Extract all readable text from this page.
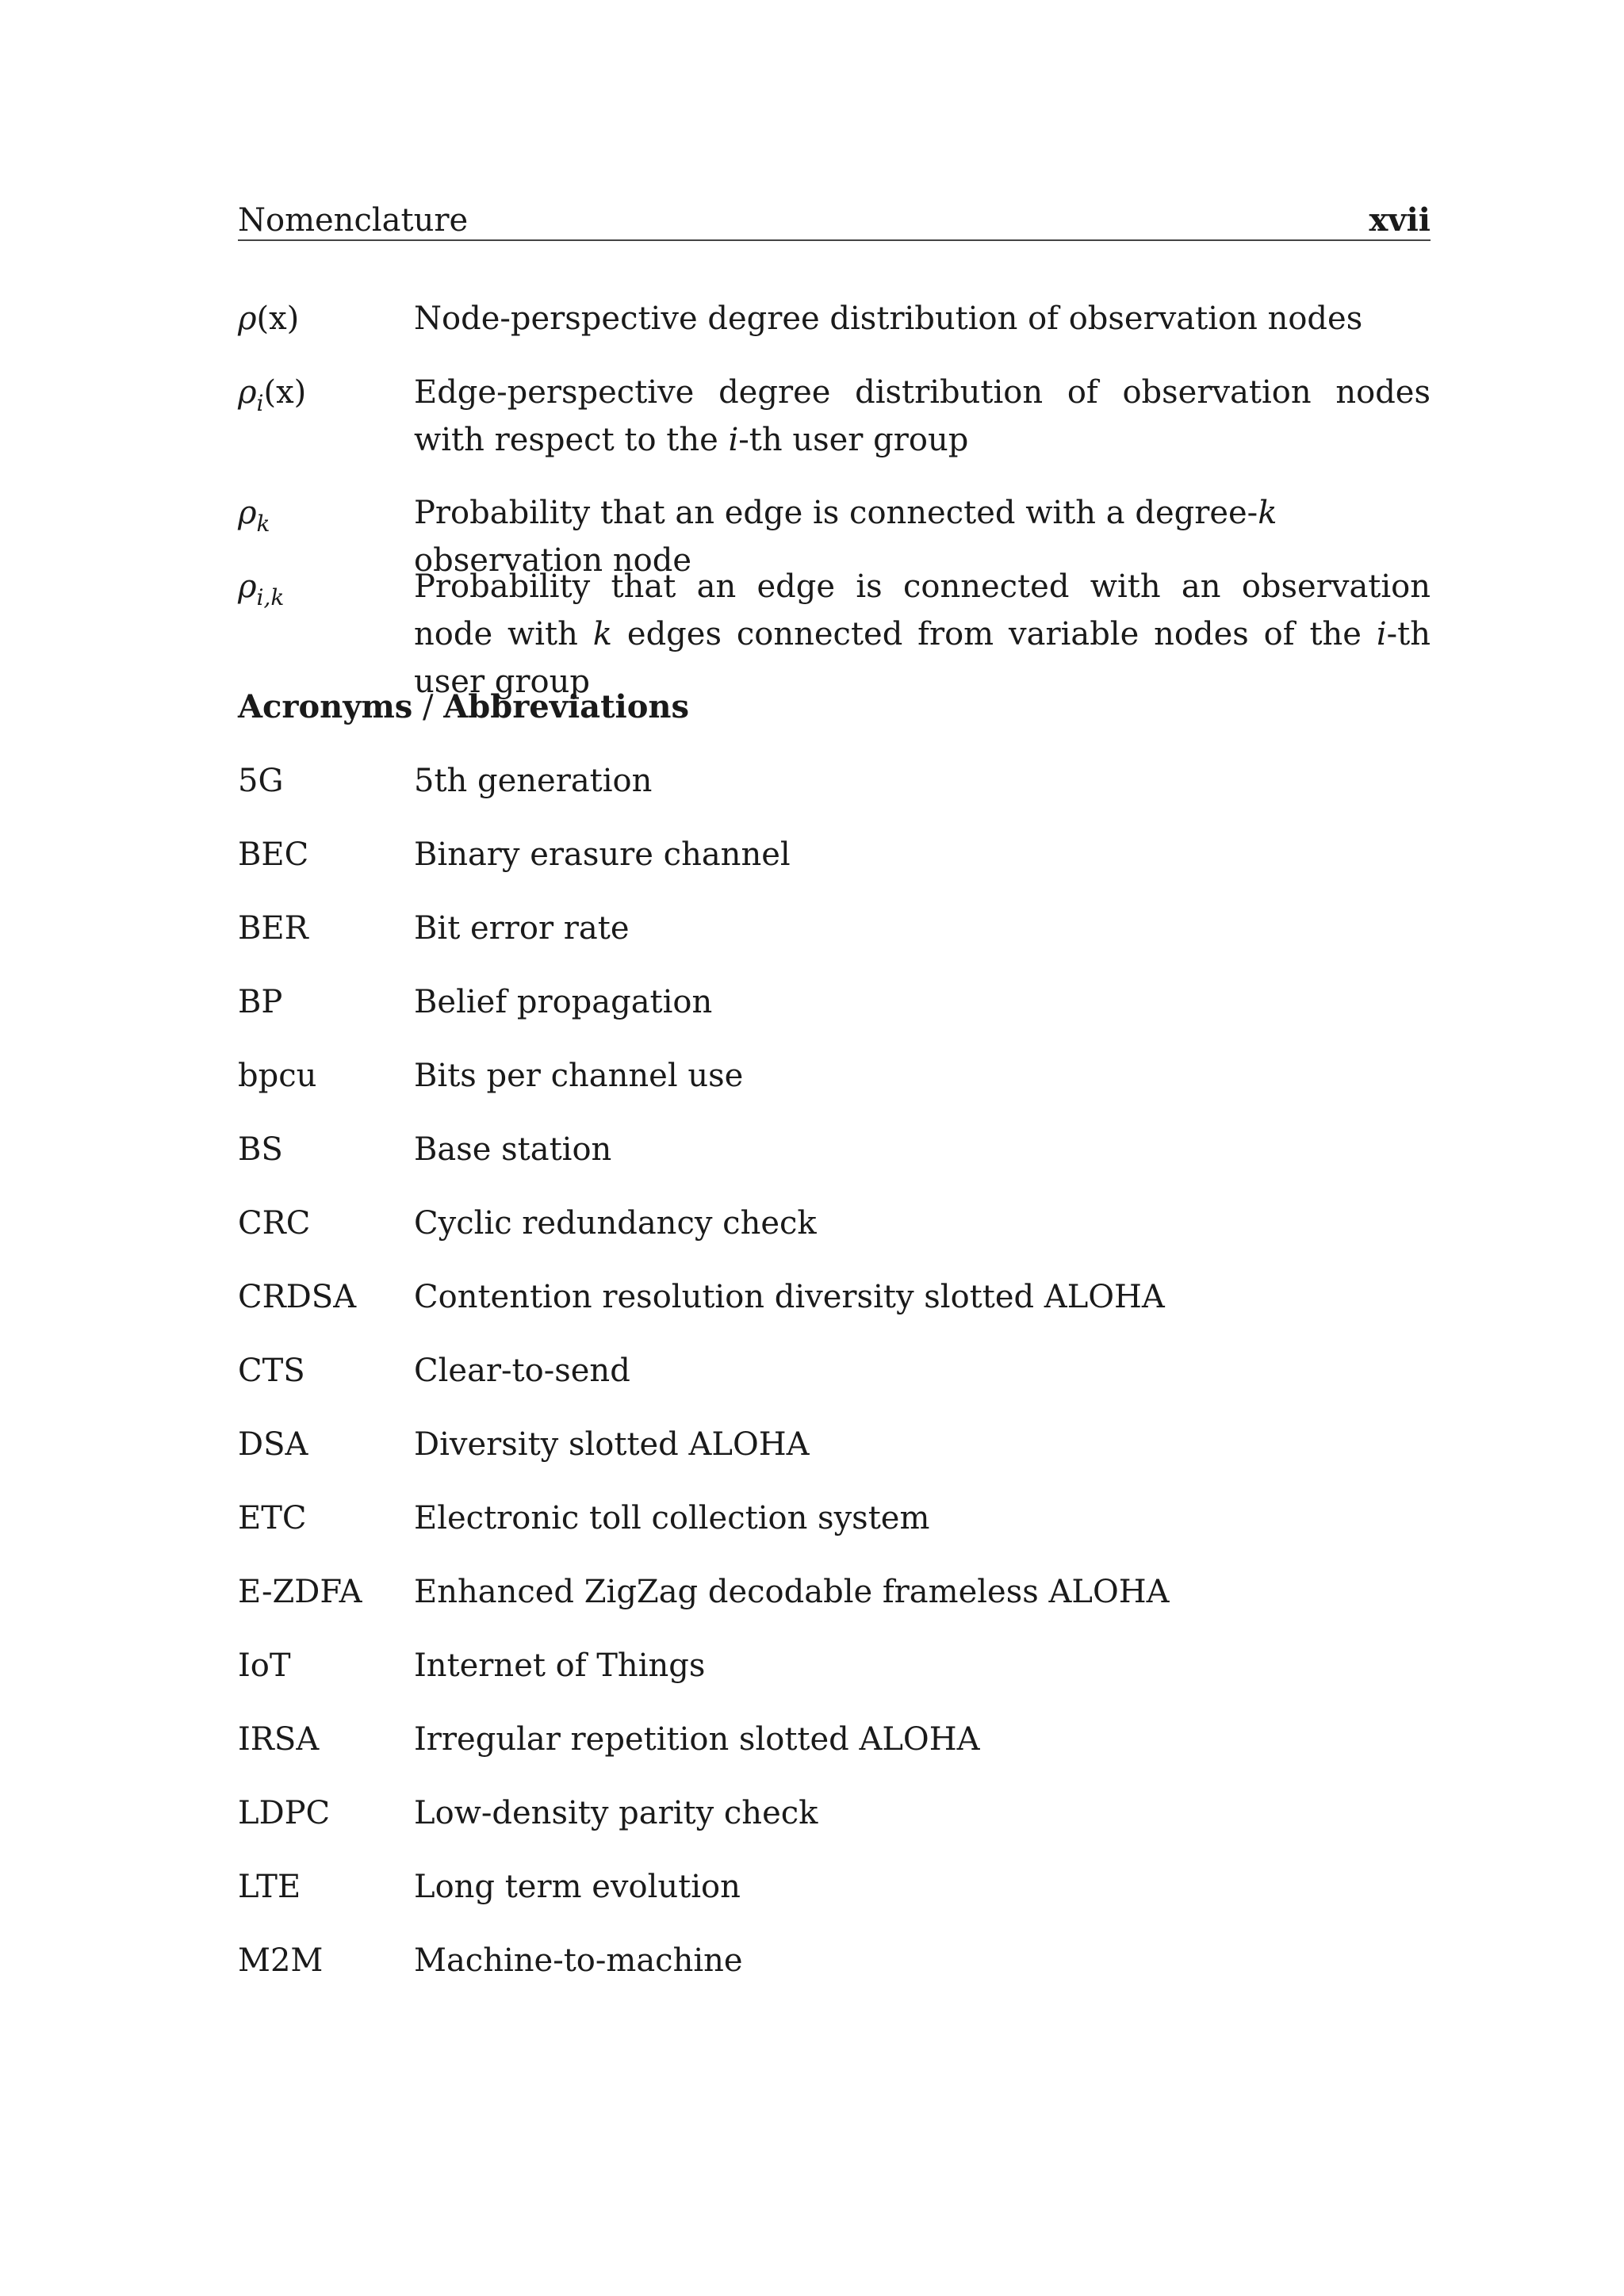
Nomenclature	xvii
ρ(x)	Node-perspective degree distribution of observation nodes
$\rho_i(x)$	Edge-perspective degree distribution of observation nodes with respect to the i-th user group
$\rho_k$	Probability that an edge is connected with a degree-k observation node
$\rho_{i,k}$	Probability that an edge is connected with an observation node with k edges connected from variable nodes of the i-th user group
Acronyms / Abbreviations
5G	5th generation
BEC	Binary erasure channel
BER	Bit error rate
BP	Belief propagation
bpcu	Bits per channel use
BS	Base station
CRC	Cyclic redundancy check
CRDSA	Contention resolution diversity slotted ALOHA
CTS	Clear-to-send
DSA	Diversity slotted ALOHA
ETC	Electronic toll collection system
E-ZDFA	Enhanced ZigZag decodable frameless ALOHA
IoT	Internet of Things
IRSA	Irregular repetition slotted ALOHA
LDPC	Low-density parity check
LTE	Long term evolution
M2M	Machine-to-machine
